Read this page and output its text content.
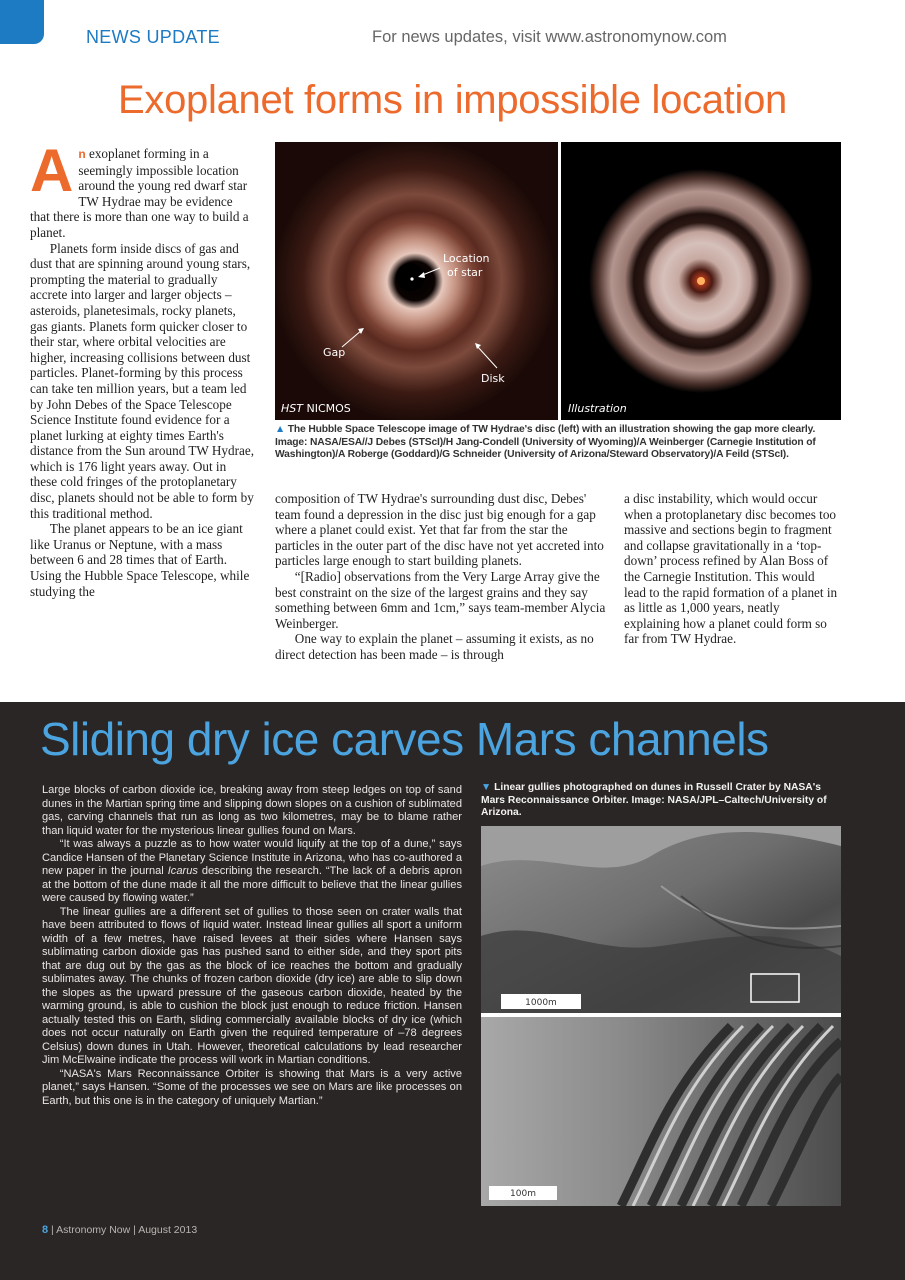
NEWS UPDATE	For news updates, visit www.astronomynow.com
Exoplanet forms in impossible location

An exoplanet forming in a seemingly impossible location around the young red dwarf star TW Hydrae may be evidence that there is more than one way to build a planet.

Planets form inside discs of gas and dust that are spinning around young stars, prompting the material to gradually accrete into larger and larger objects – asteroids, planetesimals, rocky planets, gas giants. Planets form quicker closer to their star, where orbital velocities are higher, increasing collisions between dust particles. Planet-forming by this process can take ten million years, but a team led by John Debes of the Space Telescope Science Institute found evidence for a planet lurking at eighty times Earth's distance from the Sun around TW Hydrae, which is 176 light years away. Out in these cold fringes of the protoplanetary disc, planets should not be able to form by this traditional method.

The planet appears to be an ice giant like Uranus or Neptune, with a mass between 6 and 28 times that of Earth. Using the Hubble Space Telescope, while studying the

Location
of star
Gap
Disk
HST NICMOS	Illustration
▲ The Hubble Space Telescope image of TW Hydrae's disc (left) with an illustration showing the gap more clearly. Image: NASA/ESA//J Debes (STScI)/H Jang-Condell (University of Wyoming)/A Weinberger (Carnegie Institution of Washington)/A Roberge (Goddard)/G Schneider (University of Arizona/Steward Observatory)/A Feild (STScI).

composition of TW Hydrae's surrounding dust disc, Debes' team found a depression in the disc just big enough for a gap where a planet could exist. Yet that far from the star the particles in the outer part of the disc have not yet accreted into particles large enough to start building planets.

“[Radio] observations from the Very Large Array give the best constraint on the size of the largest grains and they say something between 6mm and 1cm,” says team-member Alycia Weinberger.

One way to explain the planet – assuming it exists, as no direct detection has been made – is through

a disc instability, which would occur when a protoplanetary disc becomes too massive and sections begin to fragment and collapse gravitationally in a ‘top-down’ process refined by Alan Boss of the Carnegie Institution. This would lead to the rapid formation of a planet in as little as 1,000 years, neatly explaining how a planet could form so far from TW Hydrae.

Sliding dry ice carves Mars channels

Large blocks of carbon dioxide ice, breaking away from steep ledges on top of sand dunes in the Martian spring time and slipping down slopes on a cushion of sublimated gas, carving channels that run as long as two kilometres, may be to blame rather than liquid water for the mysterious linear gullies found on Mars.

“It was always a puzzle as to how water would liquify at the top of a dune,” says Candice Hansen of the Planetary Science Institute in Arizona, who has co-authored a new paper in the journal Icarus describing the research. “The lack of a debris apron at the bottom of the dune made it all the more difficult to believe that the linear gullies were caused by flowing water.”

The linear gullies are a different set of gullies to those seen on crater walls that have been attributed to flows of liquid water. Instead linear gullies all sport a uniform width of a few metres, have raised levees at their sides where Hansen says sublimating carbon dioxide gas has pushed sand to either side, and they sport pits that are dug out by the gas as the block of ice reaches the bottom and gradually sublimates away. The chunks of frozen carbon dioxide (dry ice) are able to slip down the slopes as the upward pressure of the gaseous carbon dioxide, heated by the warming ground, is able to cushion the block just enough to reduce friction. Hansen actually tested this on Earth, sliding commercially available blocks of dry ice (which does not occur naturally on Earth given the required temperature of –78 degrees Celsius) down dunes in Utah. However, theoretical calculations by lead researcher Jim McElwaine indicate the process will work in Martian conditions.

“NASA's Mars Reconnaissance Orbiter is showing that Mars is a very active planet,” says Hansen. “Some of the processes we see on Mars are like processes on Earth, but this one is in the category of uniquely Martian.”

▼ Linear gullies photographed on dunes in Russell Crater by NASA's Mars Reconnaissance Orbiter. Image: NASA/JPL–Caltech/University of Arizona.
1000m
100m
8 | Astronomy Now | August 2013
